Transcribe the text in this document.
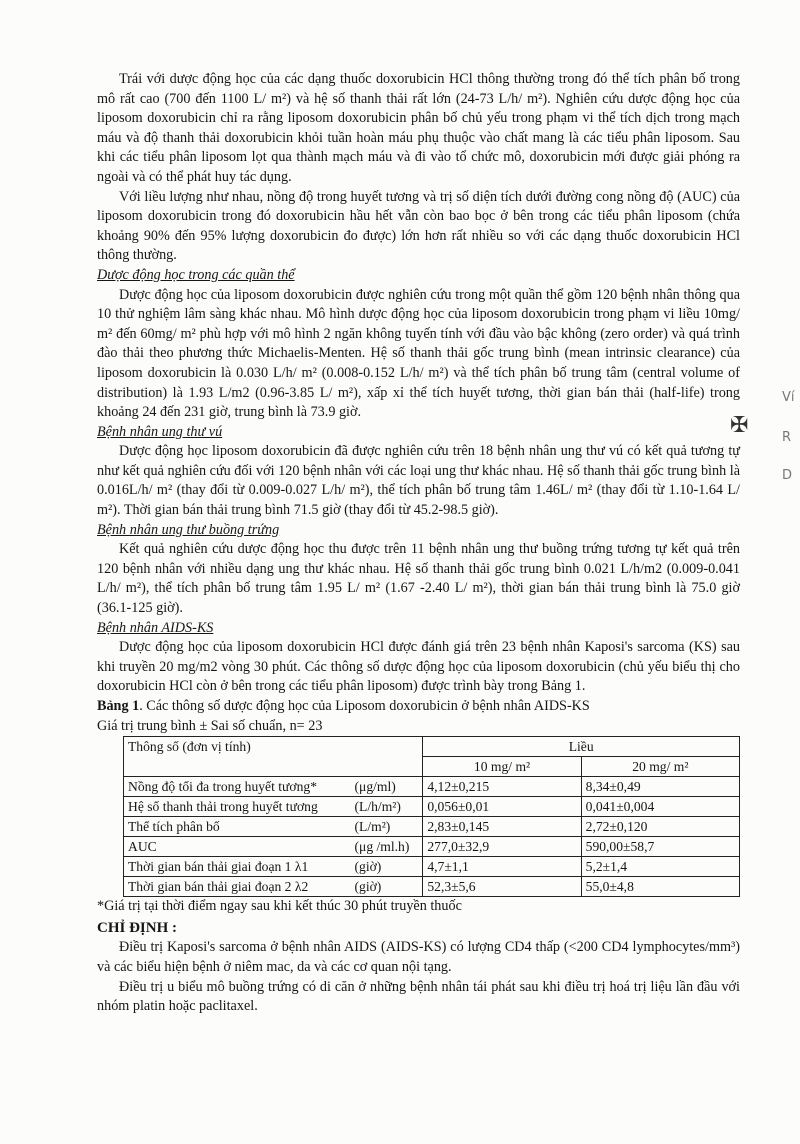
Trái với dược động học của các dạng thuốc doxorubicin HCl thông thường trong đó thể tích phân bố trong mô rất cao (700 đến 1100 L/ m²) và hệ số thanh thải rất lớn (24-73 L/h/ m²). Nghiên cứu dược động học của liposom doxorubicin chỉ ra rằng liposom doxorubicin phân bố chủ yếu trong phạm vi thể tích dịch trong mạch máu và độ thanh thải doxorubicin khỏi tuần hoàn máu phụ thuộc vào chất mang là các tiểu phân liposom. Sau khi các tiểu phân liposom lọt qua thành mạch máu và đi vào tổ chức mô, doxorubicin mới được giải phóng ra ngoài và có thể phát huy tác dụng.

Với liều lượng như nhau, nồng độ trong huyết tương và trị số diện tích dưới đường cong nồng độ (AUC) của liposom doxorubicin trong đó doxorubicin hầu hết vẫn còn bao bọc ở bên trong các tiểu phân liposom (chứa khoảng 90% đến 95% lượng doxorubicin đo được) lớn hơn rất nhiều so với các dạng thuốc doxorubicin HCl thông thường.

Dược động học trong các quần thể

Dược động học của liposom doxorubicin được nghiên cứu trong một quần thể gồm 120 bệnh nhân thông qua 10 thử nghiệm lâm sàng khác nhau. Mô hình dược động học của liposom doxorubicin trong phạm vi liều 10mg/ m² đến 60mg/ m² phù hợp với mô hình 2 ngăn không tuyến tính với đầu vào bậc không (zero order) và quá trình đào thải theo phương thức Michaelis-Menten. Hệ số thanh thải gốc trung bình (mean intrinsic clearance) của liposom doxorubicin là 0.030 L/h/ m² (0.008-0.152 L/h/ m²) và thể tích phân bố trung tâm (central volume of distribution) là 1.93 L/m2 (0.96-3.85 L/ m²), xấp xỉ thể tích huyết tương, thời gian bán thải (half-life) trong khoảng 24 đến 231 giờ, trung bình là 73.9 giờ.

Bệnh nhân ung thư vú

Dược động học liposom doxorubicin đã được nghiên cứu trên 18 bệnh nhân ung thư vú có kết quả tương tự như kết quả nghiên cứu đối với 120 bệnh nhân với các loại ung thư khác nhau. Hệ số thanh thải gốc trung bình là 0.016L/h/ m² (thay đổi từ 0.009-0.027 L/h/ m²), thể tích phân bố trung tâm 1.46L/ m² (thay đổi từ 1.10-1.64 L/ m²). Thời gian bán thải trung bình 71.5 giờ (thay đổi từ 45.2-98.5 giờ).

Bệnh nhân ung thư buồng trứng

Kết quả nghiên cứu dược động học thu được trên 11 bệnh nhân ung thư buồng trứng tương tự kết quả trên 120 bệnh nhân với nhiều dạng ung thư khác nhau. Hệ số thanh thải gốc trung bình 0.021 L/h/m2 (0.009-0.041 L/h/ m²), thể tích phân bố trung tâm 1.95 L/ m² (1.67 -2.40 L/ m²), thời gian bán thải trung bình là 75.0 giờ (36.1-125 giờ).

Bệnh nhân AIDS-KS

Dược động học của liposom doxorubicin HCl được đánh giá trên 23 bệnh nhân Kaposi's sarcoma (KS) sau khi truyền 20 mg/m2 vòng 30 phút. Các thông số dược động học của liposom doxorubicin (chủ yếu biểu thị cho doxorubicin HCl còn ở bên trong các tiểu phân liposom) được trình bày trong Bảng 1.

Bảng 1. Các thông số dược động học của Liposom doxorubicin ở bệnh nhân AIDS-KS

Giá trị trung bình ± Sai số chuẩn, n= 23

Thông số (đơn vị tính)		Liều	
		10 mg/ m²	20 mg/ m²
Nồng độ tối đa trong huyết tương*	(μg/ml)	4,12±0,215	8,34±0,49
Hệ số thanh thải trong huyết tương	(L/h/m²)	0,056±0,01	0,041±0,004
Thể tích phân bố	(L/m²)	2,83±0,145	2,72±0,120
AUC	(μg /ml.h)	277,0±32,9	590,00±58,7
Thời gian bán thải giai đoạn 1 λ1	(giờ)	4,7±1,1	5,2±1,4
Thời gian bán thải giai đoạn 2 λ2	(giờ)	52,3±5,6	55,0±4,8

*Giá trị tại thời điểm ngay sau khi kết thúc 30 phút truyền thuốc

CHỈ ĐỊNH :

Điều trị Kaposi's sarcoma ở bệnh nhân AIDS (AIDS-KS) có lượng CD4 thấp (<200 CD4 lymphocytes/mm³) và các biểu hiện bệnh ở niêm mac, da và các cơ quan nội tạng.

Điều trị u biểu mô buồng trứng có di căn ở những bệnh nhân tái phát sau khi điều trị hoá trị liệu lần đầu với nhóm platin hoặc paclitaxel.

✠
Ví
R
D
